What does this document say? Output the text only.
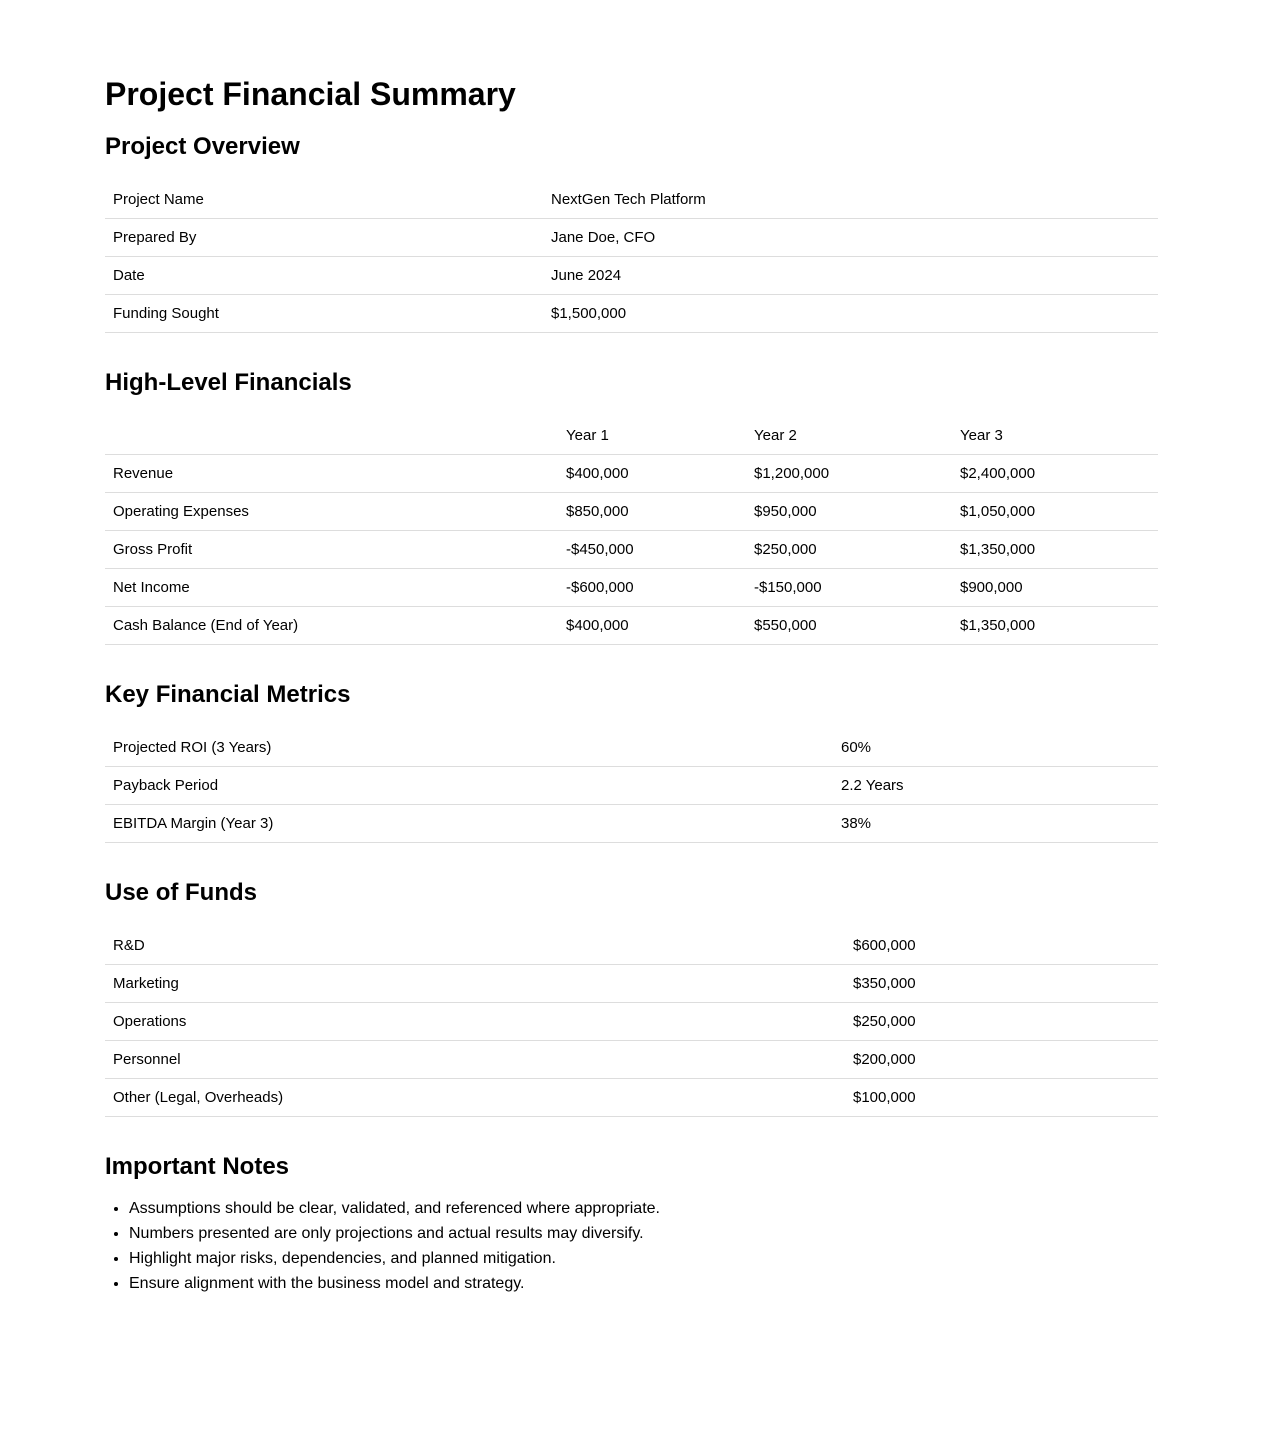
Project Financial Summary
Project Overview
Project Name	NextGen Tech Platform
Prepared By	Jane Doe, CFO
Date	June 2024
Funding Sought	$1,500,000
High-Level Financials
	Year 1	Year 2	Year 3
Revenue	$400,000	$1,200,000	$2,400,000
Operating Expenses	$850,000	$950,000	$1,050,000
Gross Profit	-$450,000	$250,000	$1,350,000
Net Income	-$600,000	-$150,000	$900,000
Cash Balance (End of Year)	$400,000	$550,000	$1,350,000
Key Financial Metrics
Projected ROI (3 Years)	60%
Payback Period	2.2 Years
EBITDA Margin (Year 3)	38%
Use of Funds
R&D	$600,000
Marketing	$350,000
Operations	$250,000
Personnel	$200,000
Other (Legal, Overheads)	$100,000
Important Notes
• Assumptions should be clear, validated, and referenced where appropriate.
• Numbers presented are only projections and actual results may diversify.
• Highlight major risks, dependencies, and planned mitigation.
• Ensure alignment with the business model and strategy.
